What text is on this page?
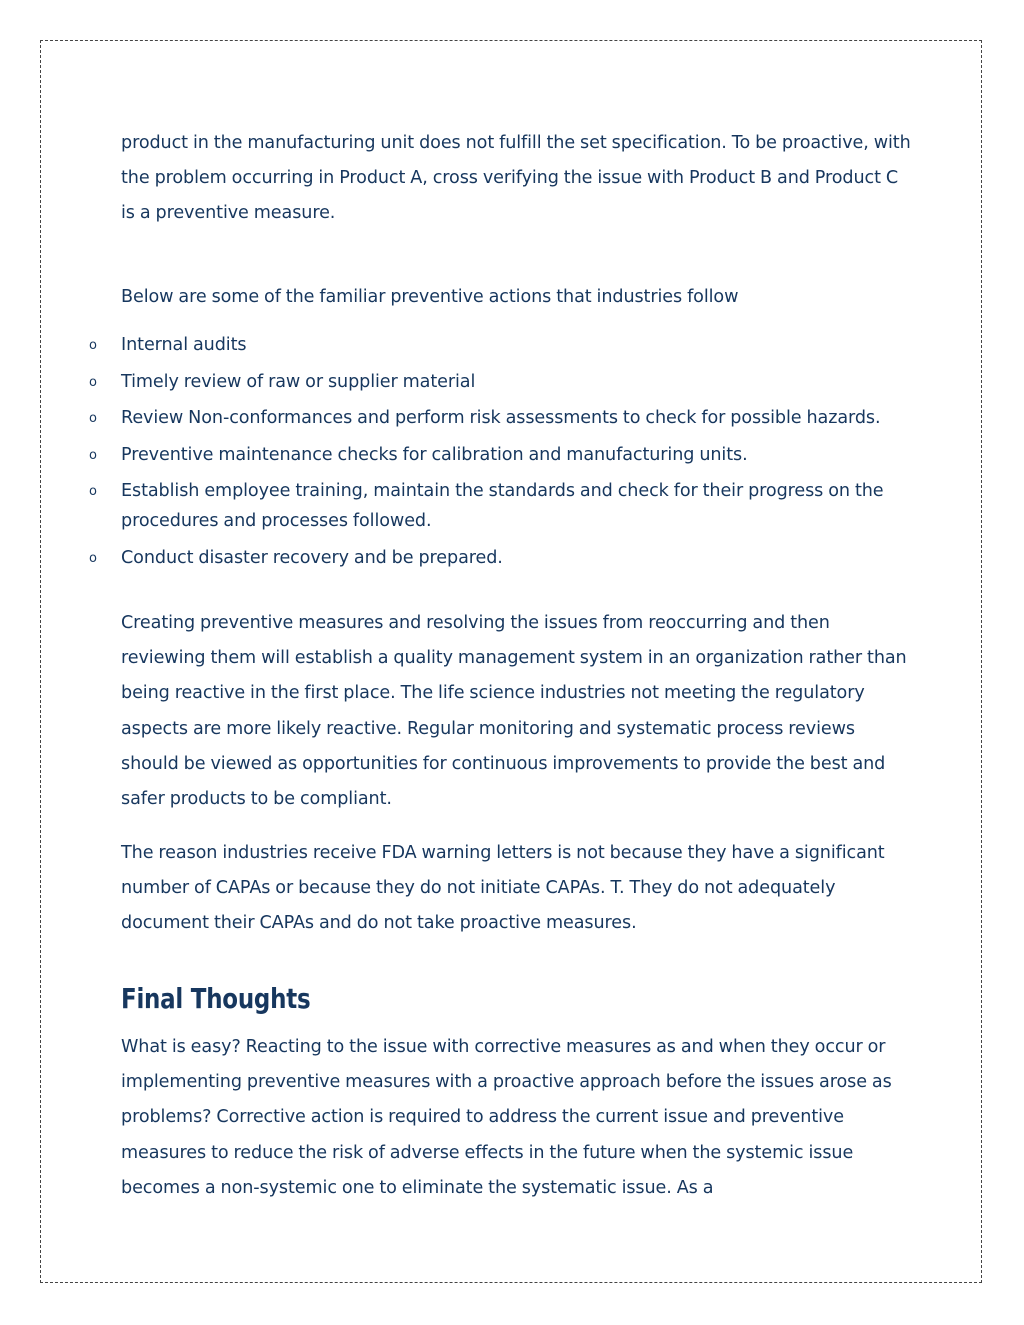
product in the manufacturing unit does not fulfill the set specification. To be proactive, with the problem occurring in Product A, cross verifying the issue with Product B and Product C is a preventive measure.

Below are some of the familiar preventive actions that industries follow

o Internal audits
o Timely review of raw or supplier material
o Review Non-conformances and perform risk assessments to check for possible hazards.
o Preventive maintenance checks for calibration and manufacturing units.
o Establish employee training, maintain the standards and check for their progress on the procedures and processes followed.
o Conduct disaster recovery and be prepared.

Creating preventive measures and resolving the issues from reoccurring and then reviewing them will establish a quality management system in an organization rather than being reactive in the first place. The life science industries not meeting the regulatory aspects are more likely reactive. Regular monitoring and systematic process reviews should be viewed as opportunities for continuous improvements to provide the best and safer products to be compliant.

The reason industries receive FDA warning letters is not because they have a significant number of CAPAs or because they do not initiate CAPAs. T. They do not adequately document their CAPAs and do not take proactive measures.

Final Thoughts

What is easy? Reacting to the issue with corrective measures as and when they occur or implementing preventive measures with a proactive approach before the issues arose as problems? Corrective action is required to address the current issue and preventive measures to reduce the risk of adverse effects in the future when the systemic issue becomes a non-systemic one to eliminate the systematic issue. As a
